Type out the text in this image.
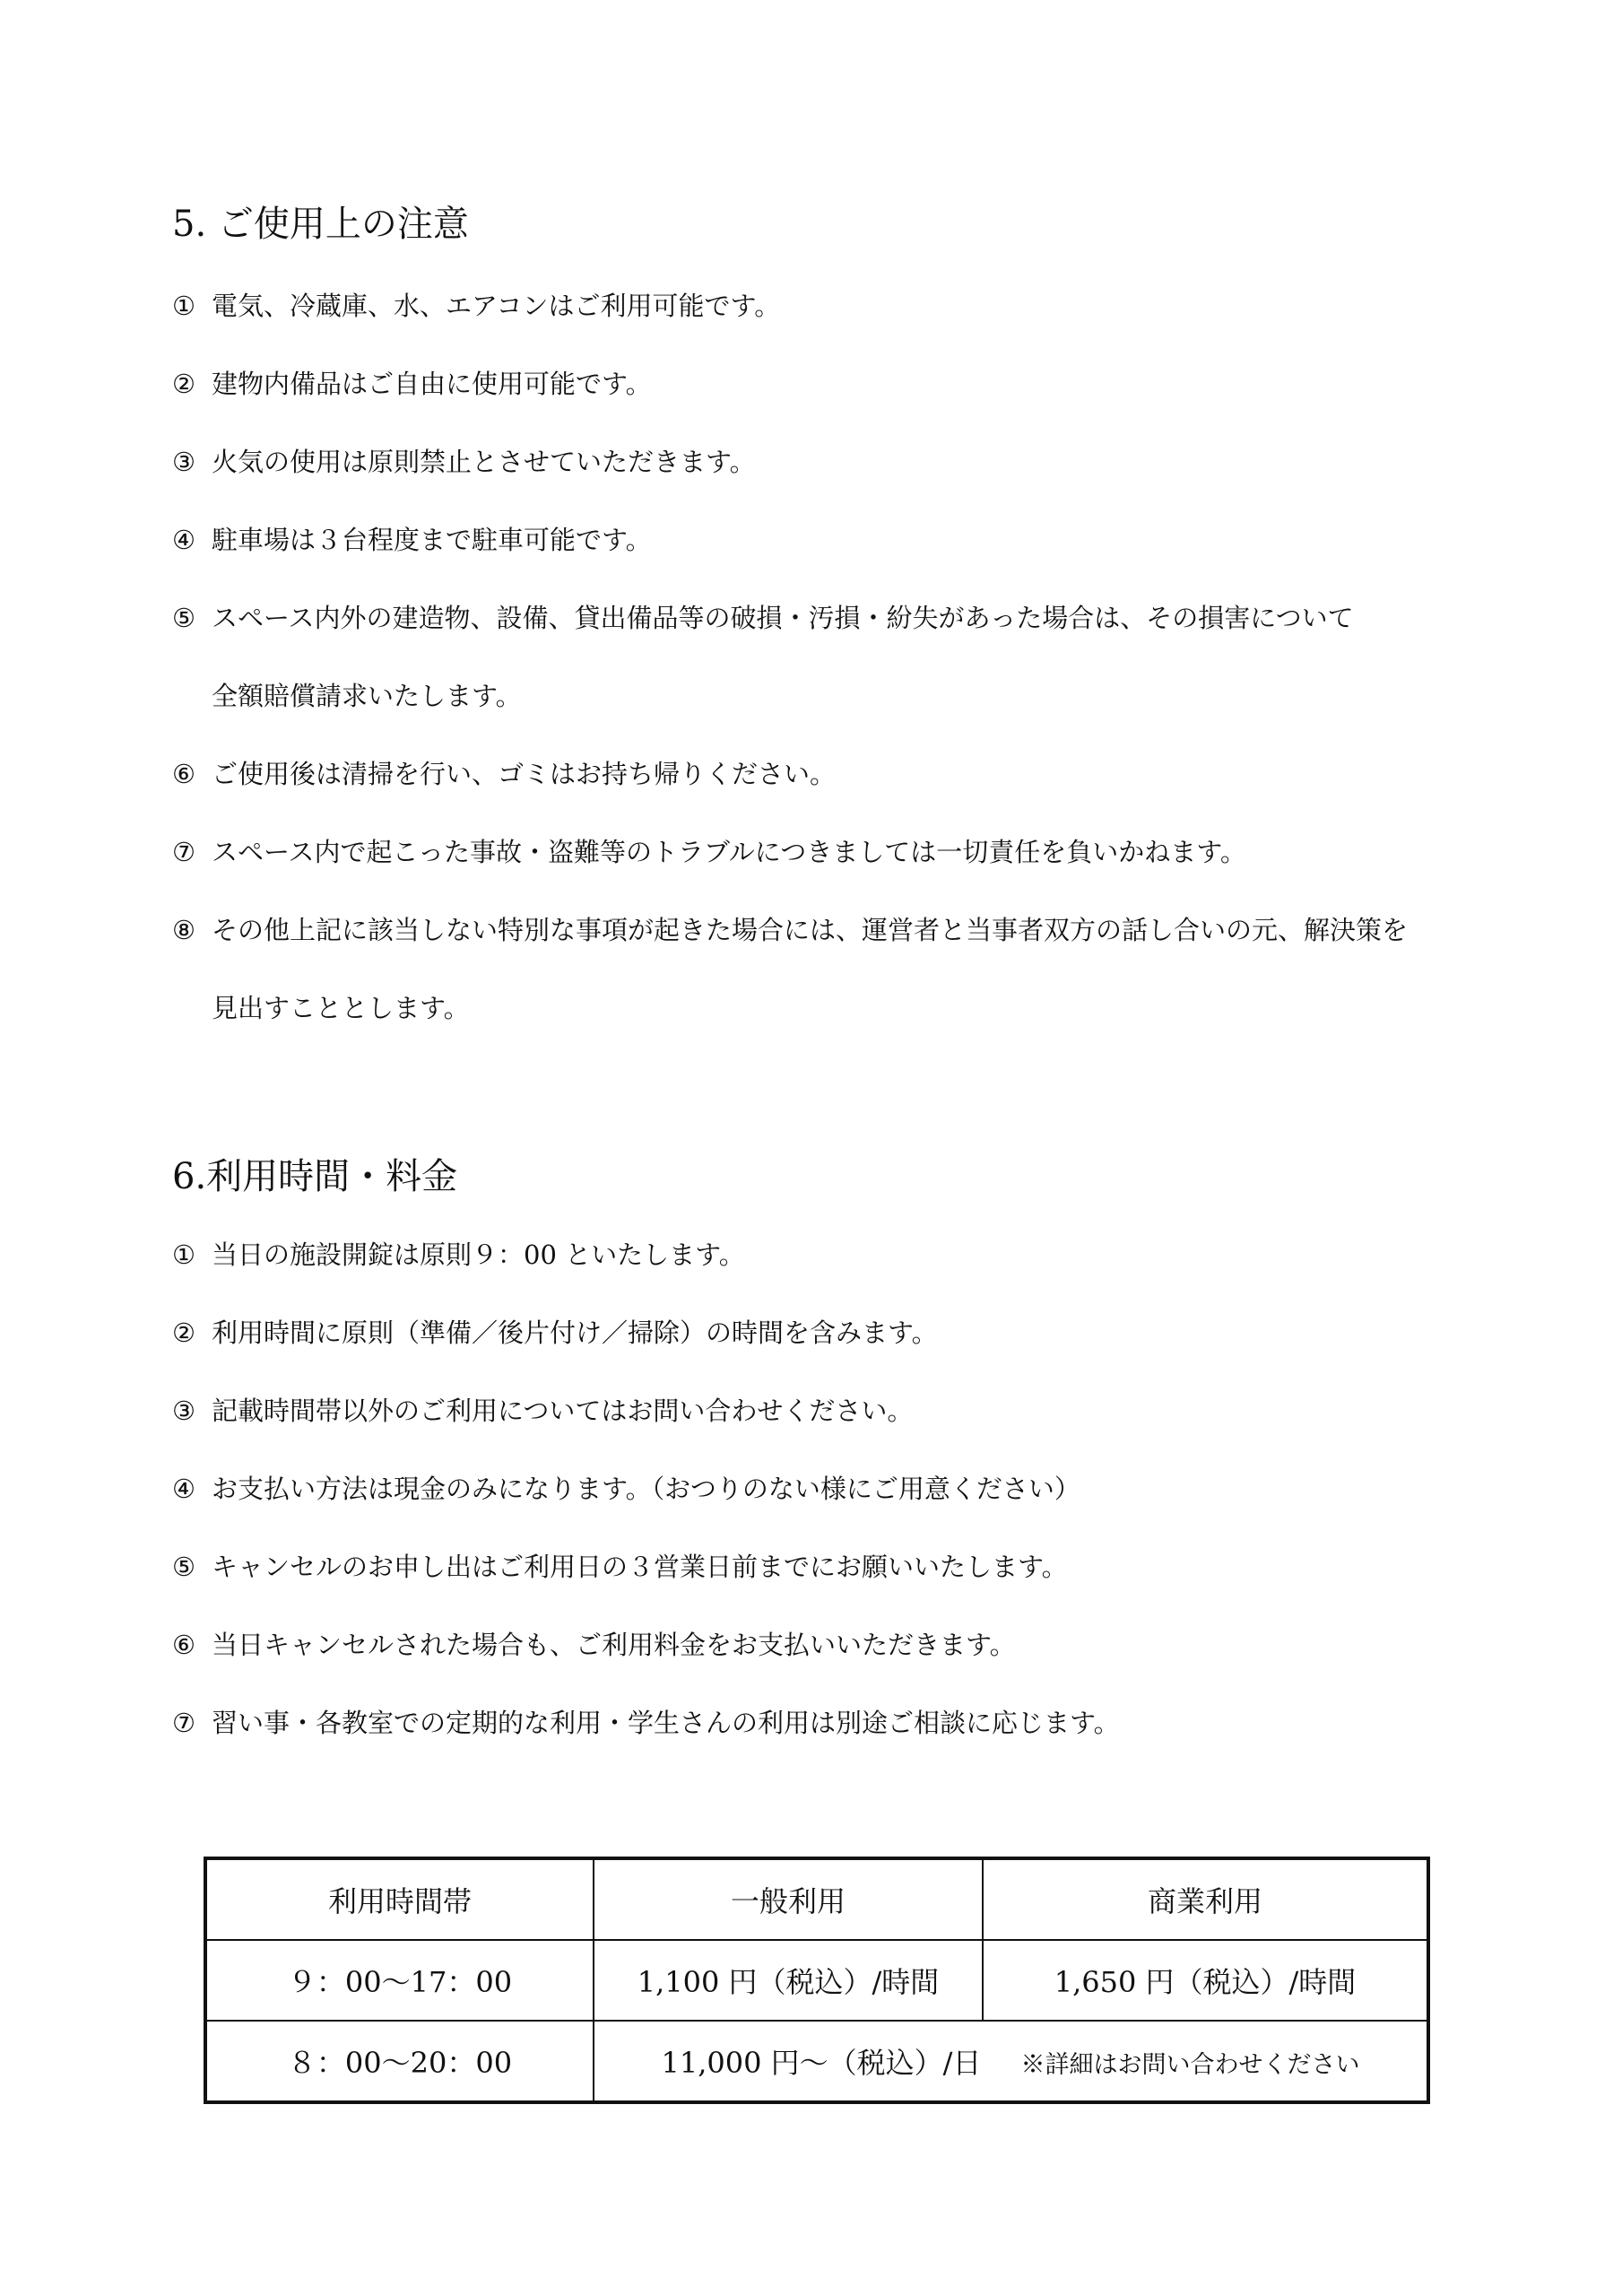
5. ご使用上の注意
① 電気、冷蔵庫、水、エアコンはご利用可能です。
② 建物内備品はご自由に使用可能です。
③ 火気の使用は原則禁止とさせていただきます。
④ 駐車場は３台程度まで駐車可能です。
⑤ スペース内外の建造物、設備、貸出備品等の破損・汚損・紛失があった場合は、その損害について
全額賠償請求いたします。
⑥ ご使用後は清掃を行い、ゴミはお持ち帰りください。
⑦ スペース内で起こった事故・盗難等のトラブルにつきましては一切責任を負いかねます。
⑧ その他上記に該当しない特別な事項が起きた場合には、運営者と当事者双方の話し合いの元、解決策を
見出すこととします。
6.利用時間・料金
① 当日の施設開錠は原則９：00 といたします。
② 利用時間に原則（準備／後片付け／掃除）の時間を含みます。
③ 記載時間帯以外のご利用についてはお問い合わせください。
④ お支払い方法は現金のみになります。（おつりのない様にご用意ください）
⑤ キャンセルのお申し出はご利用日の３営業日前までにお願いいたします。
⑥ 当日キャンセルされた場合も、ご利用料金をお支払いいただきます。
⑦ 習い事・各教室での定期的な利用・学生さんの利用は別途ご相談に応じます。
利用時間帯	一般利用	商業利用
９：00〜17：00	1,100 円（税込）/時間	1,650 円（税込）/時間
８：00〜20：00	11,000 円〜（税込）/日 ※詳細はお問い合わせください	
